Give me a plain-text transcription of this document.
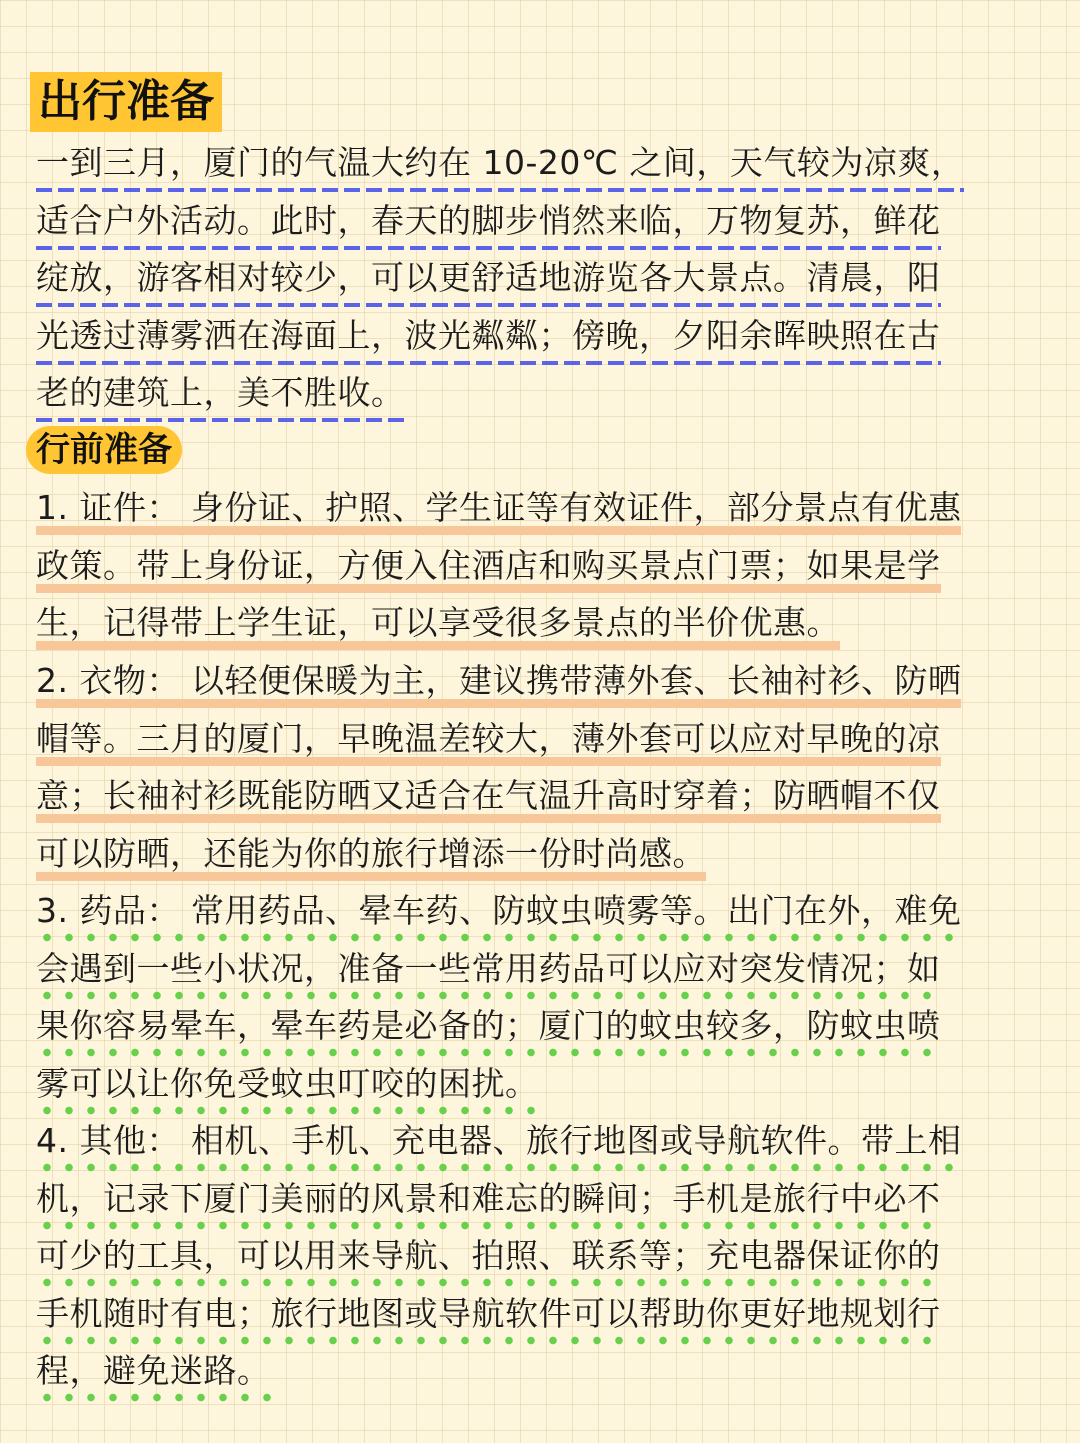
出行准备
一到三月，厦门的气温大约在 10-20℃ 之间，天气较为凉爽，
适合户外活动。此时，春天的脚步悄然来临，万物复苏，鲜花
绽放，游客相对较少，可以更舒适地游览各大景点。清晨，阳
光透过薄雾洒在海面上，波光粼粼；傍晚，夕阳余晖映照在古
老的建筑上，美不胜收。
行前准备
1. 证件： 身份证、护照、学生证等有效证件，部分景点有优惠
政策。带上身份证，方便入住酒店和购买景点门票；如果是学
生，记得带上学生证，可以享受很多景点的半价优惠。
2. 衣物： 以轻便保暖为主，建议携带薄外套、长袖衬衫、防晒
帽等。三月的厦门，早晚温差较大，薄外套可以应对早晚的凉
意；长袖衬衫既能防晒又适合在气温升高时穿着；防晒帽不仅
可以防晒，还能为你的旅行增添一份时尚感。
3. 药品： 常用药品、晕车药、防蚊虫喷雾等。出门在外，难免
会遇到一些小状况，准备一些常用药品可以应对突发情况；如
果你容易晕车，晕车药是必备的；厦门的蚊虫较多，防蚊虫喷
雾可以让你免受蚊虫叮咬的困扰。
4. 其他： 相机、手机、充电器、旅行地图或导航软件。带上相
机，记录下厦门美丽的风景和难忘的瞬间；手机是旅行中必不
可少的工具，可以用来导航、拍照、联系等；充电器保证你的
手机随时有电；旅行地图或导航软件可以帮助你更好地规划行
程，避免迷路。
